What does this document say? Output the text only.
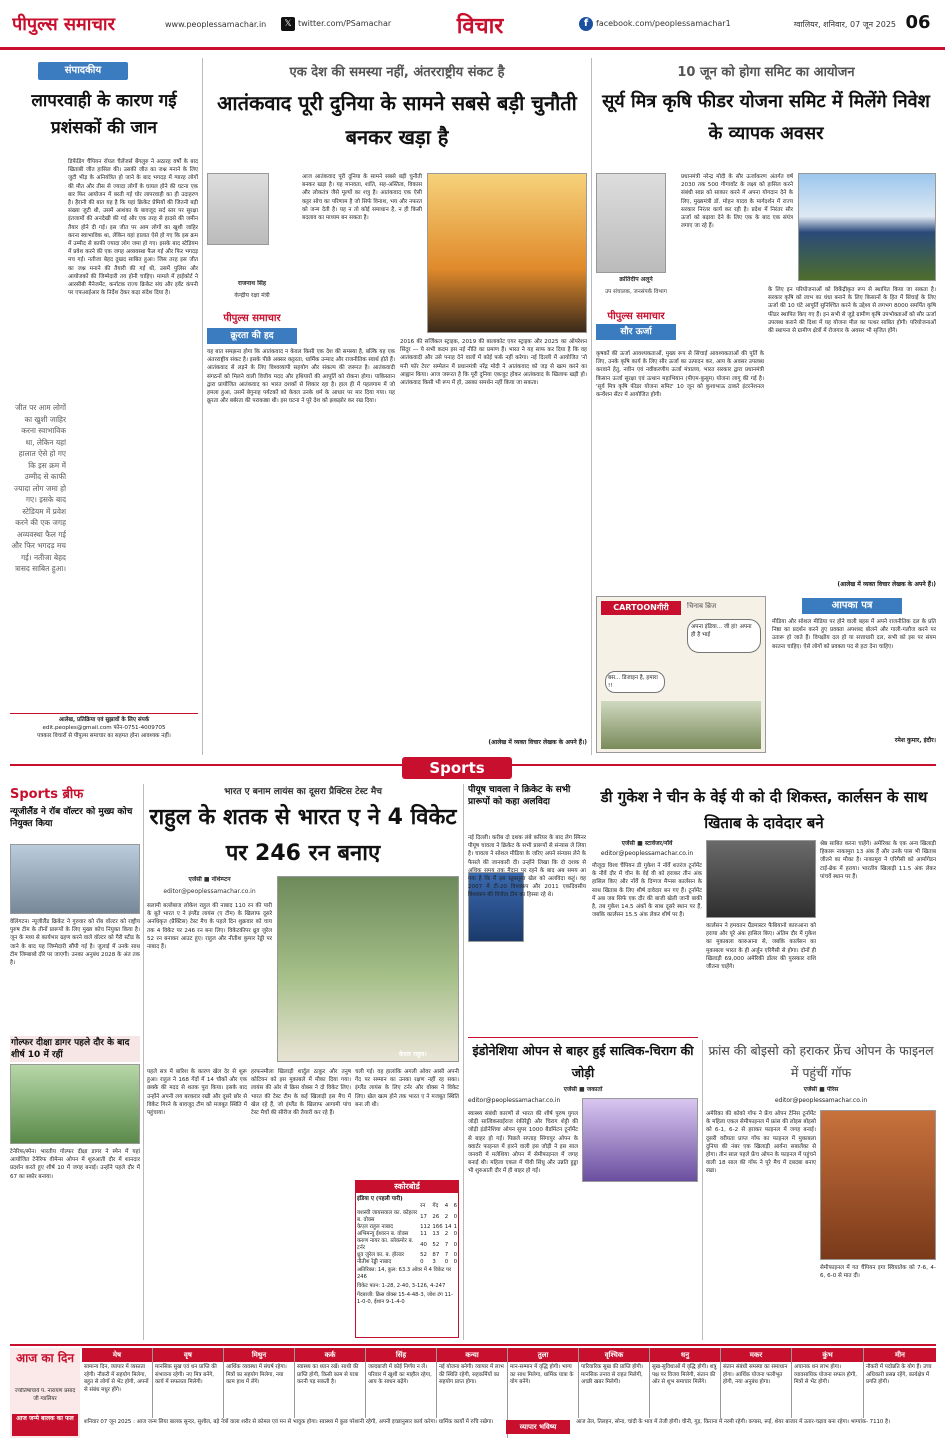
पीपुल्स समाचार	www.peoplessamachar.in	𝕏 twitter.com/PSamachar	विचार	f facebook.com/peoplessamachar1	ग्वालियर, शनिवार, 07 जून 2025 06
संपादकीय
लापरवाही के कारण गई प्रशंसकों की जान
डिफेंडिंग चैंपियन रॉयल चैलेंजर्स बेंगलुरु ने अठारह वर्षों के बाद खिताबी जीत हासिल की। उसकी जीत का जश्न मनाने के लिए जुटी भीड़ के अनियंत्रित हो जाने के बाद भगदड़ में ग्यारह लोगों की मौत और तीस से ज्यादा लोगों के घायल होने की घटना एक बार फिर आयोजन में बरती गई घोर लापरवाही का ही उदाहरण है। हैरानी की बात यह है कि यहां क्रिकेट प्रेमियों की जितनी बड़ी संख्या जुटी थी, उसमें आशंका के बावजूद सर्द स्तर पर सुरक्षा इंतजामों की अनदेखी की गई और एक तरह से हादसे की जमीन तैयार होने दी गई। इस जीत पर आम लोगों का खुशी जाहिर करना स्वाभाविक था, लेकिन यहां हालात ऐसे हो गए कि इस क्रम में उम्मीद से काफी ज्यादा लोग जमा हो गए। इसके बाद स्टेडियम में प्रवेश करने की एक जगह अव्यवस्था फैल गई और फिर भगदड़ मच गई। नतीजा बेहद दुखद साबित हुआ। जिस तरह इस जीत का जश्न मनाने की तैयारी की गई थी, उसमें पुलिस और आयोजकों की जिम्मेदारी तय होनी चाहिए। मामले में हाईकोर्ट ने आरसीबी मैनेजमेंट, कर्नाटक राज्य क्रिकेट संघ और इवेंट कंपनी पर एफआईआर के निर्देश देकर कड़ा संदेश दिया है।
जीत पर आम लोगों का खुशी जाहिर करना स्वाभाविक था, लेकिन यहां हालात ऐसे हो गए कि इस क्रम में उम्मीद से काफी ज्यादा लोग जमा हो गए। इसके बाद स्टेडियम में प्रवेश करने की एक जगह अव्यवस्था फैल गई और फिर भगदड़ मच गई। नतीजा बेहद त्रासद साबित हुआ।
आलेख, प्रतिक्रिया एवं सुझावों के लिए संपर्क
edit.peoples@gmail.com फोन-0751-4009705
पत्रकार विचारों से पीपुल्स समाचार का सहमत होना आवश्यक नहीं।
एक देश की समस्या नहीं, अंतरराष्ट्रीय संकट है
आतंकवाद पूरी दुनिया के सामने सबसे बड़ी चुनौती बनकर खड़ा है
राजनाथ सिंह
केन्द्रीय रक्षा मंत्री
पीपुल्स समाचार
क्रूरता की हद
आज आतंकवाद पूरी दुनिया के सामने सबसे बड़ी चुनौती बनकर खड़ा है। यह मानवता, शांति, सह-अस्तित्व, विकास और लोकतंत्र जैसे मूल्यों का शत्रु है। आतंकवाद एक ऐसी कट्टर सोच का परिणाम है जो सिर्फ विनाश, भय और नफरत को जन्म देती है। यह न तो कोई समाधान है, न ही किसी बदलाव का माध्यम बन सकता है।
यह बात समझना होगा कि आतंकवाद न केवल किसी एक देश की समस्या है, बल्कि यह एक अंतरराष्ट्रीय संकट है। इसके पीछे अक्सर कट्टरता, धार्मिक उन्माद और राजनीतिक स्वार्थ होते हैं। आतंकवाद से लड़ने के लिए विश्वव्यापी सहयोग और संकल्प की जरूरत है। आतंकवादी संगठनों को मिलने वाली वित्तीय मदद और हथियारों की आपूर्ति को रोकना होगा। पाकिस्तान द्वारा प्रायोजित आतंकवाद का भारत दशकों से शिकार रहा है। हाल ही में पहलगाम में जो हमला हुआ, उसमें बेगुनाह पर्यटकों को केवल उनके धर्म के आधार पर मार दिया गया। यह क्रूरता और बर्बरता की पराकाष्ठा थी। इस घटना ने पूरे देश को झकझोर कर रख दिया।
2016 की सर्जिकल स्ट्राइक, 2019 की बालाकोट एयर स्ट्राइक और 2025 का ऑपरेशन सिंदूर — ये सभी कदम इस नई नीति का प्रमाण हैं। भारत ने यह साफ कर दिया है कि वह आतंकवादी और उसे पनाह देने वालों में कोई फर्क नहीं करेगा। नई दिल्ली में आयोजित 'नो मनी फॉर टेरर' सम्मेलन में प्रधानमंत्री नरेंद्र मोदी ने आतंकवाद को जड़ से खत्म करने का आह्वान किया। आज जरूरत है कि पूरी दुनिया एकजुट होकर आतंकवाद के खिलाफ खड़ी हो। आतंकवाद किसी भी रूप में हो, उसका समर्थन नहीं किया जा सकता।
(आलेख में व्यक्त विचार लेखक के अपने हैं।)
10 जून को होगा समिट का आयोजन
सूर्य मित्र कृषि फीडर योजना समिट में मिलेंगे निवेश के व्यापक अवसर
क्रांतिदीप अलूने
उप संचालक, जनसंपर्क विभाग
पीपुल्स समाचार
सौर ऊर्जा
प्रधानमंत्री नरेन्द्र मोदी के सौर ऊर्जाकरण अंतर्गत वर्ष 2030 तक 500 गीगावॉट के लक्ष्य को हासिल करने संबंधी स्वप्न को साकार करने में अपना योगदान देने के लिए, मुख्यमंत्री डॉ. मोहन यादव के मार्गदर्शन में राज्य सरकार निरंतर कार्य कर रही है। प्रदेश में निरंतर सौर ऊर्जा को बढ़ावा देने के लिए एक के बाद एक संयंत्र लगाए जा रहे हैं।
कृषकों की ऊर्जा आवश्यकताओं, मुख्य रूप से सिंचाई आवश्यकताओं की पूर्ति के लिए, उनके कृषि कार्य के लिए सौर ऊर्जा का उत्पादन कर, आय के अवसर उपलब्ध करवाने हेतु, नवीन एवं नवीकरणीय ऊर्जा मंत्रालय, भारत सरकार द्वारा प्रधानमंत्री किसान ऊर्जा सुरक्षा एवं उत्थान महाभियान (पीएम-कुसुम) योजना लागू की गई है। 'सूर्य मित्र कृषि फीडर योजना समिट' 10 जून को कुशाभाऊ ठाकरे इंटरनेशनल कन्वेंशन सेंटर में आयोजित होगी।
के लिए इन परियोजनाओं को विकेंद्रीकृत रूप से स्थापित किया जा सकता है। सरकार कृषि को लाभ का धंधा बनाने के लिए किसानों के हित में सिंचाई के लिए ऊर्जा की 10 घंटे आपूर्ति सुनिश्चित करने के उद्देश्य से लगभग 8000 समर्पित कृषि फीडर स्थापित किए गए हैं। इन सभी से जुड़े ग्रामीण कृषि उपभोक्ताओं को सौर ऊर्जा उपलब्ध कराने की दिशा में यह योजना मील का पत्थर साबित होगी। परियोजनाओं की स्थापना से ग्रामीण क्षेत्रों में रोजगार के अवसर भी सृजित होंगे।
(आलेख में व्यक्त विचार लेखक के अपने हैं।)
CARTOONगीरी	चिनाब ब्रिज
अपना इंडिया... जी हां! अपना ही है भाई
बस... डिजाइन है, हमारा !!
आपका पत्र
मीडिया और सोशल मीडिया पर होने वाली बहस में अपने राजनीतिक दल के प्रति निष्ठा का प्रदर्शन करने हुए प्रवक्ता अपशब्द बोलने और गाली-गलौज करने पर उतारू हो जाते हैं। विपक्षीय दल हो या सत्ताधारी दल, सभी को इस पर संयम बरतना चाहिए। ऐसे लोगों को प्रवक्ता पद से हटा देना चाहिए।
रमेश कुमार, इंदौर।
Sports
Sports ब्रीफ
न्यूजीलैंड ने रॉब वॉल्टर को मुख्य कोच नियुक्त किया
वेलिंगटन। न्यूजीलैंड क्रिकेट ने गुरुवार को रॉब वॉल्टर को राष्ट्रीय पुरुष टीम के तीनों प्रारूपों के लिए मुख्य कोच नियुक्त किया है। जून के मध्य से कार्यभार ग्रहण करने वाले वॉल्टर को गैरी स्टीड के जाने के बाद यह जिम्मेदारी सौंपी गई है। जुलाई में उनके साथ टीम जिम्बाब्वे दौरे पर जाएगी। उनका अनुबंध 2028 के अंत तक है।
गोल्फर दीक्षा डागर पहले दौर के बाद शीर्ष 10 में रहीं
टेनेरिफ/स्पेन। भारतीय गोल्फर दीक्षा डागर ने स्पेन में यहां आयोजित टेनेरिफ वीमेन्स ओपन में शुरुआती दौर में शानदार प्रदर्शन करते हुए शीर्ष 10 में जगह बनाई। उन्होंने पहले दौर में 67 का स्कोर बनाया।
भारत ए बनाम लायंस का दूसरा प्रैक्टिस टेस्ट मैच
राहुल के शतक से भारत ए ने 4 विकेट पर 246 रन बनाए
एजेंसी ■ नॉर्थम्प्टन
editor@peoplessamachar.co.in
सलामी बल्लेबाज लोकेश राहुल की नाबाद 110 रन की पारी के बूते भारत ए ने इंग्लैंड लायंस (ए टीम) के खिलाफ दूसरे अनधिकृत (प्रैक्टिस) टेस्ट मैच के पहले दिन शुक्रवार को चाय तक 4 विकेट पर 246 रन बना लिए। विकेटकीपर ध्रुव जुरेल 52 रन बनाकर आउट हुए। राहुल और नीतीश कुमार रेड्डी पर नाबाद हैं।
केएल राहुल।
पहले सत्र में बारिश के कारण खेल देर से शुरू हुआ। राहुल ने 168 गेंदों में 14 चौकों और एक छक्के की मदद से शतक पूरा किया। इसके बाद उन्होंने अपनी लय बरकरार रखी और दूसरे छोर से विकेट गिरने के बावजूद टीम को मजबूत स्थिति में पहुंचाया।
हरफनमौला खिलाड़ी शार्दुल ठाकुर और तनुष कोटियन को इस मुकाबले में मौका दिया गया। लायंस की ओर से क्रिस वोक्स ने दो विकेट लिए। भारत की टेस्ट टीम के कई खिलाड़ी इस मैच में खेल रहे हैं, जो इंग्लैंड के खिलाफ आगामी पांच टेस्ट मैचों की सीरीज की तैयारी कर रहे हैं।
चली गई। वह हालांकि अगली ओवर आसी अपनी गेंद पर सम्मान का उनका रक्षण नहीं रह सका। इंग्लैंड लायंस के लिए टर्नर और वोक्स ने विकेट लिए। खेल खत्म होने तक भारत ए ने मजबूत स्थिति बना ली थी।
स्कोरबोर्ड
इंडिया ए (पहली पारी)
	रन	गेंद	4	6
यशस्वी जायसवाल का. कोहलर ब. वोक्स	17	26	2	0
केएल राहुल नाबाद	112	166	14	1
अभिमन्यु ईश्वरन ब. वोक्स	11	13	2	0
करुण नायर का. ब्लेकमोर ब. टर्नर	40	52	7	0
ध्रुव जुरेल का. ब. होल्डर	52	87	7	0
नीतीश रेड्डी नाबाद	0	3	0	0
अतिरिक्त: 14, कुल: 63.3 ओवर में 4 विकेट पर 246
विकेट पतन: 1-28, 2-40, 3-126, 4-247
गेंदबाजी: क्रिस वोक्स 15-4-48-3, जोश टंग 11-1-0-0, ईशान 9-1-4-0
पीयूष चावला ने क्रिकेट के सभी प्रारूपों को कहा अलविदा
नई दिल्ली। करीब दो दशक लंबे करियर के बाद लेग स्पिनर पीयूष चावला ने क्रिकेट के सभी प्रारूपों से संन्यास ले लिया है। चावला ने सोशल मीडिया के जरिए अपने संन्यास लेने के फैसले की जानकारी दी। उन्होंने लिखा कि दो दशक से अधिक समय तक मैदान पर रहने के बाद अब समय आ गया है कि मैं इस खूबसूरत खेल को अलविदा कहूं। वह 2007 में टी-20 विश्वकप और 2011 एकदिवसीय विश्वकप की विजेता टीम का हिस्सा रहे थे।
डी गुकेश ने चीन के वेई यी को दी शिकस्त, कार्लसन के साथ खिताब के दावेदार बने
एजेंसी ■ स्टावेंजर/नॉर्वे
editor@peoplessamachar.co.in
मौजूदा विश्व चैंपियन डी गुकेश ने नॉर्वे शतरंज टूर्नामेंट के नौवें दौर में चीन के वेई यी को हराकर तीन अंक हासिल किए और नॉर्वे के दिग्गज मैग्नस कार्लसन के साथ खिताब के लिए शीर्ष दावेदार बन गए हैं। टूर्नामेंट में अब जब सिर्फ एक दौर की बाजी खेली जानी बाकी है, तब गुकेश 14.5 अंकों के साथ दूसरे स्थान पर हैं, जबकि कार्लसन 15.5 अंक लेकर शीर्ष पर हैं।
कार्लसन ने हमवतन ग्रैंडमास्टर फैबियानो कारुआना को हराया और पूरे अंक हासिल किए। अंतिम दौर में गुकेश का मुकाबला कारुआना से, जबकि कार्लसन का मुकाबला भारत के ही अर्जुन एरिगैसी से होगा। दोनों ही खिलाड़ी 69,000 अमेरिकी डॉलर की पुरस्कार राशि जीतना चाहेंगे।
श्रेष्ठ साबित करना चाहेंगे। अमेरिका के एक अन्य खिलाड़ी हिकारू नाकामुरा 13 अंक हैं और उनके पास भी खिताब जीतने का मौका है। नाकामुरा ने एरिगैसी को आर्मागेडन टाई-ब्रेक में हराया। भारतीय खिलाड़ी 11.5 अंक लेकर पांचवें स्थान पर हैं।
इंडोनेशिया ओपन से बाहर हुई सात्विक-चिराग की जोड़ी
एजेंसी ■ जकार्ता
editor@peoplessamachar.co.in
स्वास्थ्य संबंधी कारणों से भारत की शीर्ष पुरुष युगल जोड़ी सात्विकसाईराज रंकीरेड्डी और चिराग शेट्टी की जोड़ी इंडोनेशिया ओपन सुपर 1000 बैडमिंटन टूर्नामेंट से बाहर हो गई। पिछले सप्ताह सिंगापुर ओपन के क्वार्टर फाइनल में हारने वाली इस जोड़ी ने इस साल जनवरी में मलेशिया ओपन में सेमीफाइनल में जगह बनाई थी। महिला एकल में पीवी सिंधु और उन्नति हुड्डा भी शुरुआती दौर में ही बाहर हो गईं।
फ्रांस की बोइसो को हराकर फ्रेंच ओपन के फाइनल में पहुंचीं गॉफ
एजेंसी ■ पेरिस
editor@peoplessamachar.co.in
अमेरिका की कोको गॉफ ने फ्रेंच ओपन टेनिस टूर्नामेंट के महिला एकल सेमीफाइनल में फ्रांस की लोइस बोइसो को 6-1, 6-2 से हराकर फाइनल में जगह बनाई। दूसरी वरीयता प्राप्त गॉफ का फाइनल में मुकाबला दुनिया की नंबर एक खिलाड़ी आर्यना सबालेंका से होगा। तीन साल पहले फ्रेंच ओपन के फाइनल में पहुंचने वाली 18 साल की गॉफ ने पूरे मैच में दबदबा बनाए रखा।
सेमीफाइनल में गत चैंपियन इगा स्वियातेक को 7-6, 4-6, 6-0 से मात दी।
आज का दिन
ज्योतिषाचार्य पं. नारायण प्रसाद जी ग्वालियर
आज जन्मे बालक का फल
मेष
सामान्य दिन, व्यापार में व्यस्तता रहेगी। नौकरी में सहयोग मिलेगा, बहुत से लोगों से भेंट होगी, अपनों से संबंध मधुर होंगे।
वृष
मानसिक सुख एवं धन प्राप्ति की संभावना रहेगी। नए मित्र बनेंगे, कार्य में सफलता मिलेगी।
मिथुन
आर्थिक व्यवस्था में संघर्ष रहेगा। मित्रों का सहयोग मिलेगा, नया काम हाथ में लेंगे।
कर्क
स्वास्थ्य का ध्यान रखें। साथी की प्राप्ति होगी, किसी काम से यात्रा करनी पड़ सकती है।
सिंह
जल्दबाजी में कोई निर्णय न लें। परिवार में खुशी का माहौल रहेगा, आय के साधन बढ़ेंगे।
कन्या
नई योजना बनेगी। व्यापार में लाभ की स्थिति रहेगी, सहकर्मियों का सहयोग प्राप्त होगा।
तुला
मान-सम्मान में वृद्धि होगी। भाग्य का साथ मिलेगा, धार्मिक यात्रा के योग बनेंगे।
वृश्चिक
पारिवारिक सुख की प्राप्ति होगी। मानसिक तनाव से राहत मिलेगी, अच्छी खबर मिलेगी।
धनु
सुख-सुविधाओं में वृद्धि होगी। शत्रु पक्ष पर विजय मिलेगी, संतान की ओर से शुभ समाचार मिलेंगे।
मकर
संतान संबंधी समस्या का समाधान होगा। आर्थिक योजना फलीभूत होगी, नया अनुबंध होगा।
कुंभ
अचानक धन लाभ होगा। व्यावसायिक योजना सफल होगी, मित्रों से भेंट होगी।
मीन
नौकरी में पदोन्नति के योग हैं। उच्च अधिकारी प्रसन्न रहेंगे, कार्यक्षेत्र में प्रगति होगी।
शनिवार 07 जून 2025 : आज जन्म लिया बालक सुन्दर, सुशील, बड़े नेत्रों वाला शरीर से कोमल एवं मन से भावुक होगा। स्वास्थ्य में कुछ परेशानी रहेगी, अपनी इच्छानुसार कार्य करेगा। धार्मिक कार्यों में रुचि रखेगा।
व्यापार भविष्य
आज तेल, तिलहन, सोना, चांदी के भाव में तेजी होगी। चीनी, गुड़, किराना में नरमी रहेगी। कपास, रूई, शेयर बाजार में उतार-चढ़ाव बना रहेगा। भाग्यांक- 7110 है।
